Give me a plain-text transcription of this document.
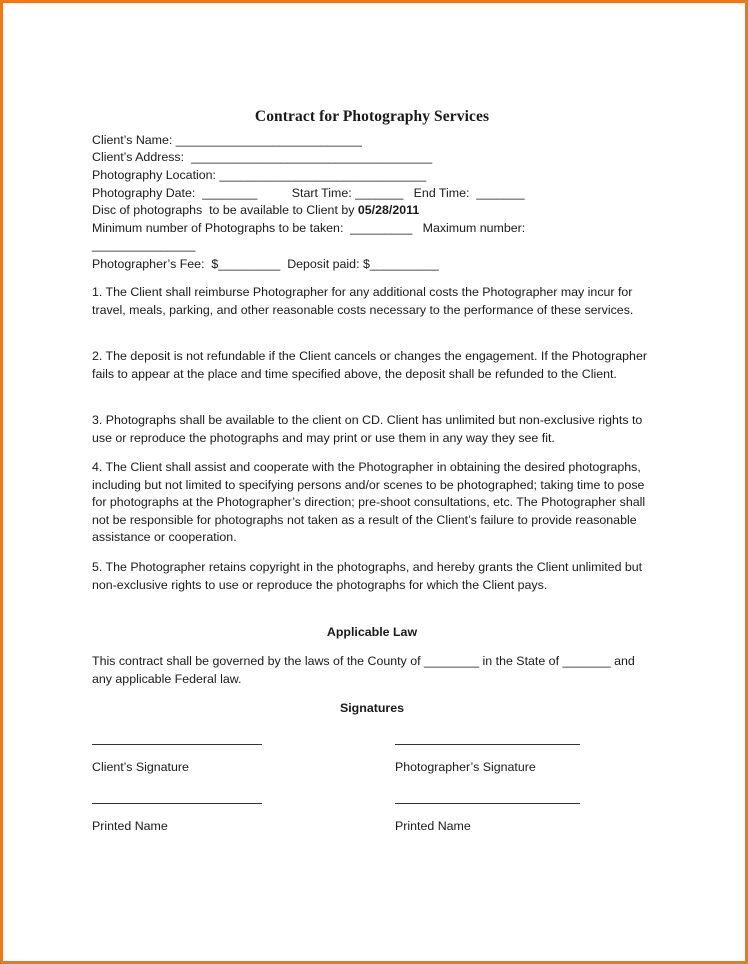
Contract for Photography Services
Client’s Name: ___________________________
Client’s Address:  ___________________________________
Photography Location: ______________________________
Photography Date:  ________          Start Time: _______   End Time:  _______
Disc of photographs  to be available to Client by 05/28/2011
Minimum number of Photographs to be taken:  _________   Maximum number:
_______________
Photographer’s Fee:  $_________  Deposit paid: $__________
1. The Client shall reimburse Photographer for any additional costs the Photographer may incur for travel, meals, parking, and other reasonable costs necessary to the performance of these services.
2. The deposit is not refundable if the Client cancels or changes the engagement. If the Photographer fails to appear at the place and time specified above, the deposit shall be refunded to the Client.
3. Photographs shall be available to the client on CD. Client has unlimited but non-exclusive rights to use or reproduce the photographs and may print or use them in any way they see fit.
4. The Client shall assist and cooperate with the Photographer in obtaining the desired photographs, including but not limited to specifying persons and/or scenes to be photographed; taking time to pose for photographs at the Photographer’s direction; pre-shoot consultations, etc. The Photographer shall not be responsible for photographs not taken as a result of the Client’s failure to provide reasonable assistance or cooperation.
5. The Photographer retains copyright in the photographs, and hereby grants the Client unlimited but non-exclusive rights to use or reproduce the photographs for which the Client pays.
Applicable Law
This contract shall be governed by the laws of the County of ________ in the State of _______ and any applicable Federal law.
Signatures
Client’s Signature	Photographer’s Signature
Printed Name	Printed Name
